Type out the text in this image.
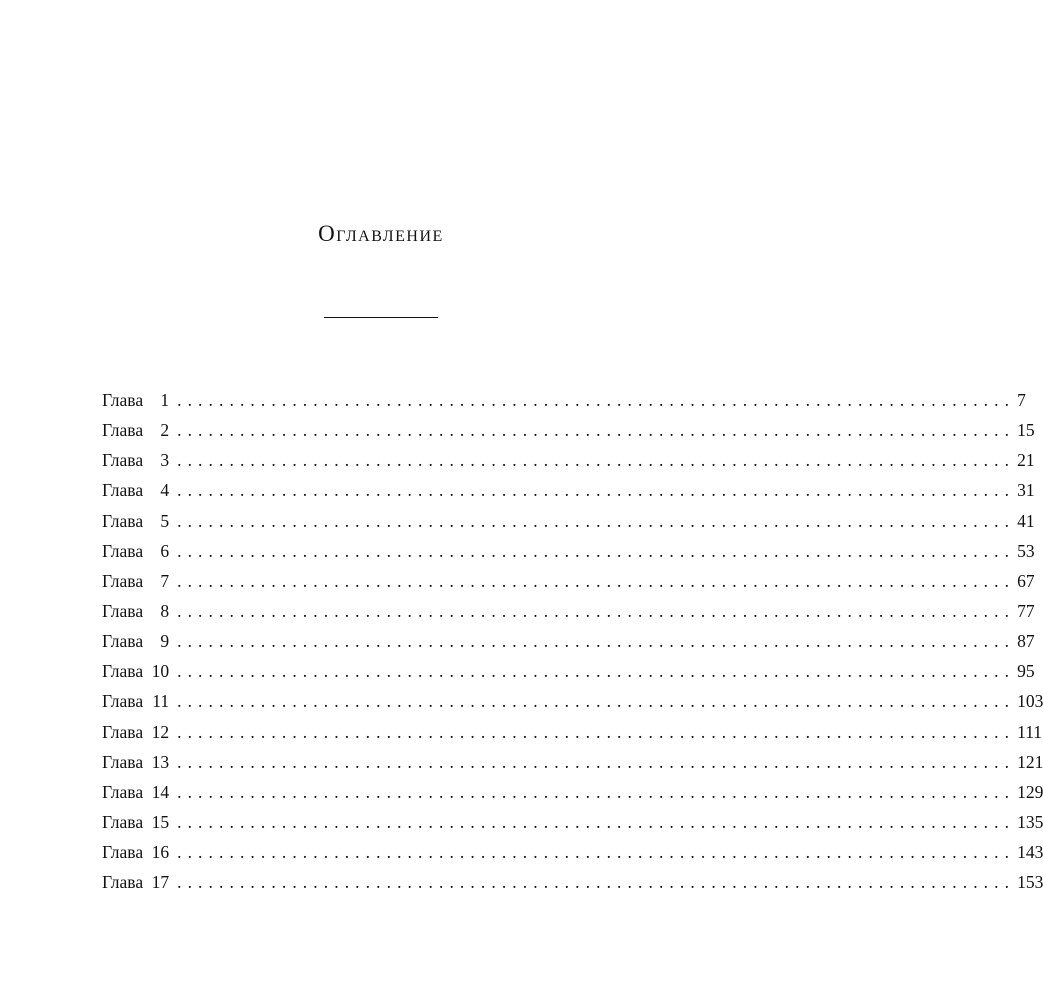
Оглавление
Глава 1 ................................................................................ 7
Глава 2 ................................................................................ 15
Глава 3 ................................................................................ 21
Глава 4 ................................................................................ 31
Глава 5 ................................................................................ 41
Глава 6 ................................................................................ 53
Глава 7 ................................................................................ 67
Глава 8 ................................................................................ 77
Глава 9 ................................................................................ 87
Глава 10 ................................................................................ 95
Глава 11 ................................................................................ 103
Глава 12 ................................................................................ 111
Глава 13 ................................................................................ 121
Глава 14 ................................................................................ 129
Глава 15 ................................................................................ 135
Глава 16 ................................................................................ 143
Глава 17 ................................................................................ 153
